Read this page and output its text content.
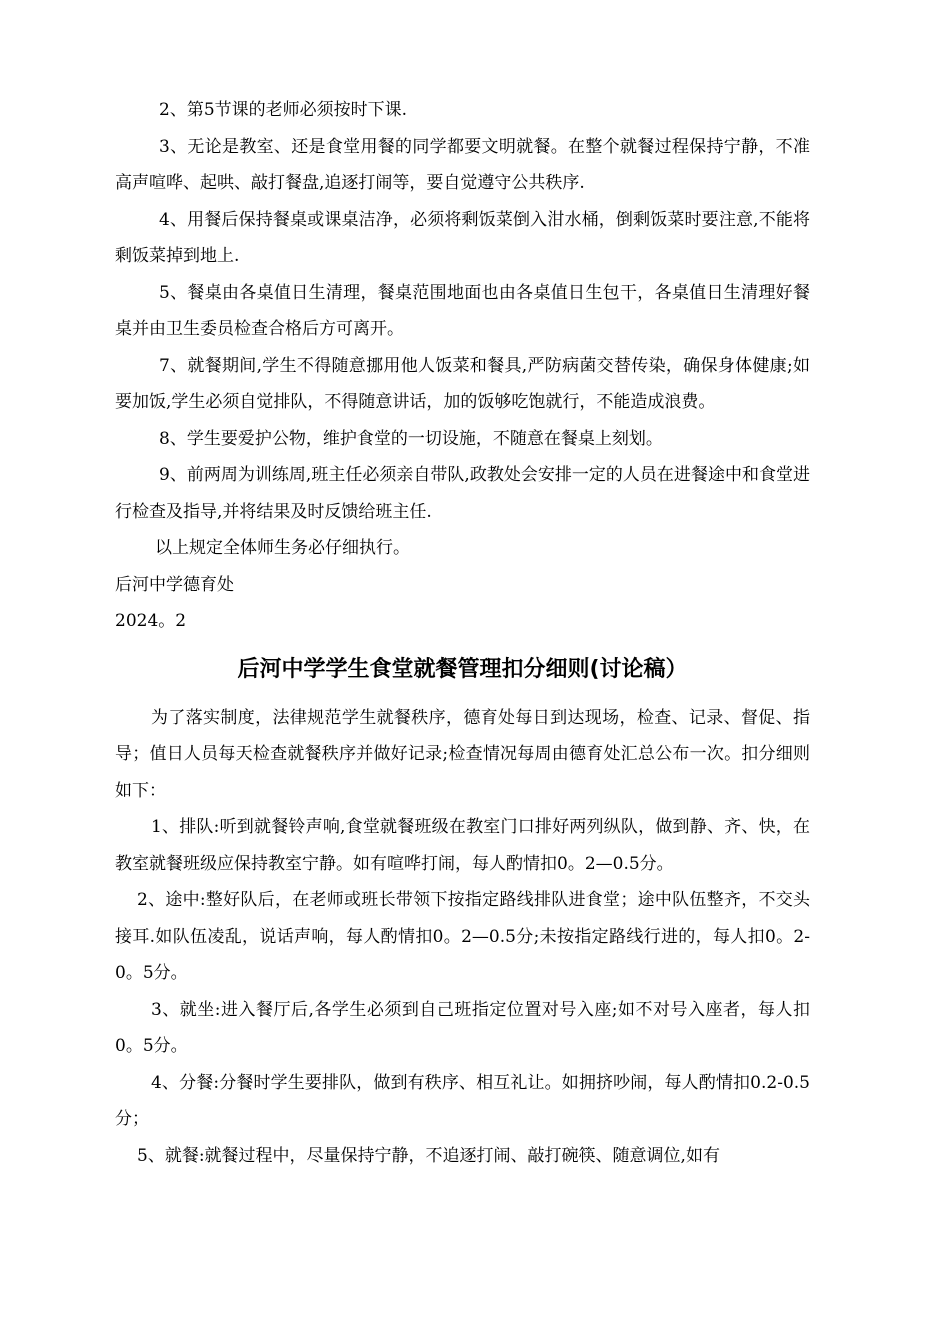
2、第5节课的老师必须按时下课.

3、无论是教室、还是食堂用餐的同学都要文明就餐。在整个就餐过程保持宁静，不准高声喧哗、起哄、敲打餐盘,追逐打闹等，要自觉遵守公共秩序.

4、用餐后保持餐桌或课桌洁净，必须将剩饭菜倒入泔水桶，倒剩饭菜时要注意,不能将剩饭菜掉到地上.

5、餐桌由各桌值日生清理，餐桌范围地面也由各桌值日生包干，各桌值日生清理好餐桌并由卫生委员检查合格后方可离开。

7、就餐期间,学生不得随意挪用他人饭菜和餐具,严防病菌交替传染，确保身体健康;如要加饭,学生必须自觉排队，不得随意讲话，加的饭够吃饱就行，不能造成浪费。

8、学生要爱护公物，维护食堂的一切设施，不随意在餐桌上刻划。

9、前两周为训练周,班主任必须亲自带队,政教处会安排一定的人员在进餐途中和食堂进行检查及指导,并将结果及时反馈给班主任.

以上规定全体师生务必仔细执行。

后河中学德育处

2024。2

后河中学学生食堂就餐管理扣分细则(讨论稿）

为了落实制度，法律规范学生就餐秩序，德育处每日到达现场，检查、记录、督促、指导；值日人员每天检查就餐秩序并做好记录;检查情况每周由德育处汇总公布一次。扣分细则如下：

1、排队:听到就餐铃声响,食堂就餐班级在教室门口排好两列纵队，做到静、齐、快，在教室就餐班级应保持教室宁静。如有喧哗打闹，每人酌情扣0。2—0.5分。

2、途中:整好队后，在老师或班长带领下按指定路线排队进食堂；途中队伍整齐，不交头接耳.如队伍凌乱，说话声响，每人酌情扣0。2—0.5分;未按指定路线行进的，每人扣0。2-0。5分。

3、就坐:进入餐厅后,各学生必须到自己班指定位置对号入座;如不对号入座者，每人扣0。5分。

4、分餐:分餐时学生要排队，做到有秩序、相互礼让。如拥挤吵闹，每人酌情扣0.2-0.5分；

5、就餐:就餐过程中，尽量保持宁静，不追逐打闹、敲打碗筷、随意调位,如有
